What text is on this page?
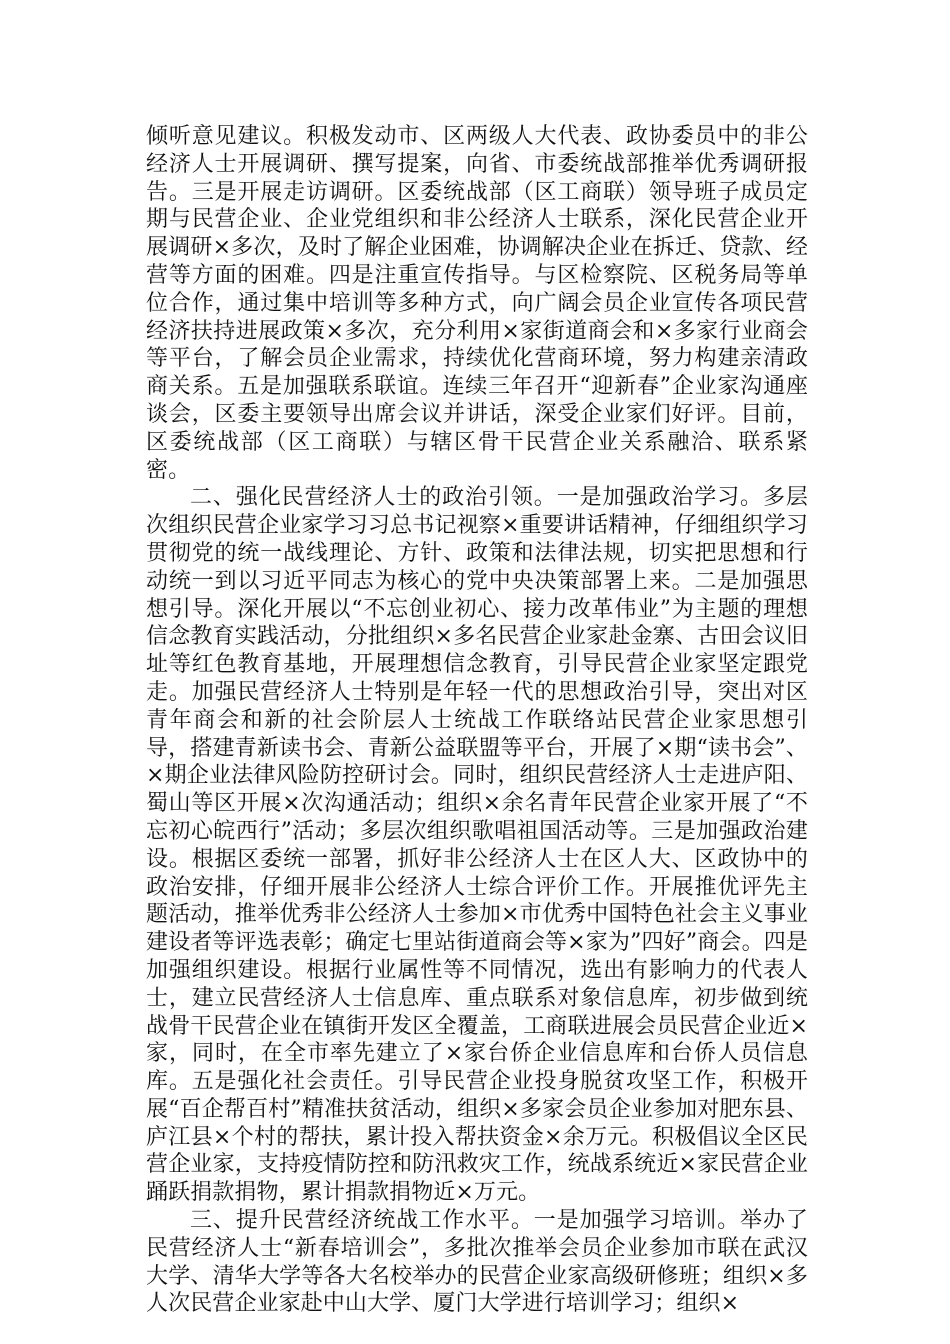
倾听意见建议。积极发动市、区两级人大代表、政协委员中的非公经济人士开展调研、撰写提案，向省、市委统战部推举优秀调研报告。三是开展走访调研。区委统战部（区工商联）领导班子成员定期与民营企业、企业党组织和非公经济人士联系，深化民营企业开展调研×多次，及时了解企业困难，协调解决企业在拆迁、贷款、经营等方面的困难。四是注重宣传指导。与区检察院、区税务局等单位合作，通过集中培训等多种方式，向广阔会员企业宣传各项民营经济扶持进展政策×多次，充分利用×家街道商会和×多家行业商会等平台，了解会员企业需求，持续优化营商环境，努力构建亲清政商关系。五是加强联系联谊。连续三年召开“迎新春”企业家沟通座谈会，区委主要领导出席会议并讲话，深受企业家们好评。目前，区委统战部（区工商联）与辖区骨干民营企业关系融洽、联系紧密。

二、强化民营经济人士的政治引领。一是加强政治学习。多层次组织民营企业家学习习总书记视察×重要讲话精神，仔细组织学习贯彻党的统一战线理论、方针、政策和法律法规，切实把思想和行动统一到以习近平同志为核心的党中央决策部署上来。二是加强思想引导。深化开展以“不忘创业初心、接力改革伟业”为主题的理想信念教育实践活动，分批组织×多名民营企业家赴金寨、古田会议旧址等红色教育基地，开展理想信念教育，引导民营企业家坚定跟党走。加强民营经济人士特别是年轻一代的思想政治引导，突出对区青年商会和新的社会阶层人士统战工作联络站民营企业家思想引导，搭建青新读书会、青新公益联盟等平台，开展了×期“读书会”、×期企业法律风险防控研讨会。同时，组织民营经济人士走进庐阳、蜀山等区开展×次沟通活动；组织×余名青年民营企业家开展了“不忘初心皖西行”活动；多层次组织歌唱祖国活动等。三是加强政治建设。根据区委统一部署，抓好非公经济人士在区人大、区政协中的政治安排，仔细开展非公经济人士综合评价工作。开展推优评先主题活动，推举优秀非公经济人士参加×市优秀中国特色社会主义事业建设者等评选表彰；确定七里站街道商会等×家为”四好”商会。四是加强组织建设。根据行业属性等不同情况，选出有影响力的代表人士，建立民营经济人士信息库、重点联系对象信息库，初步做到统战骨干民营企业在镇街开发区全覆盖，工商联进展会员民营企业近×家，同时，在全市率先建立了×家台侨企业信息库和台侨人员信息库。五是强化社会责任。引导民营企业投身脱贫攻坚工作，积极开展“百企帮百村”精准扶贫活动，组织×多家会员企业参加对肥东县、庐江县×个村的帮扶，累计投入帮扶资金×余万元。积极倡议全区民营企业家，支持疫情防控和防汛救灾工作，统战系统近×家民营企业踊跃捐款捐物，累计捐款捐物近×万元。

三、提升民营经济统战工作水平。一是加强学习培训。举办了民营经济人士“新春培训会”，多批次推举会员企业参加市联在武汉大学、清华大学等各大名校举办的民营企业家高级研修班；组织×多人次民营企业家赴中山大学、厦门大学进行培训学习；组织×
